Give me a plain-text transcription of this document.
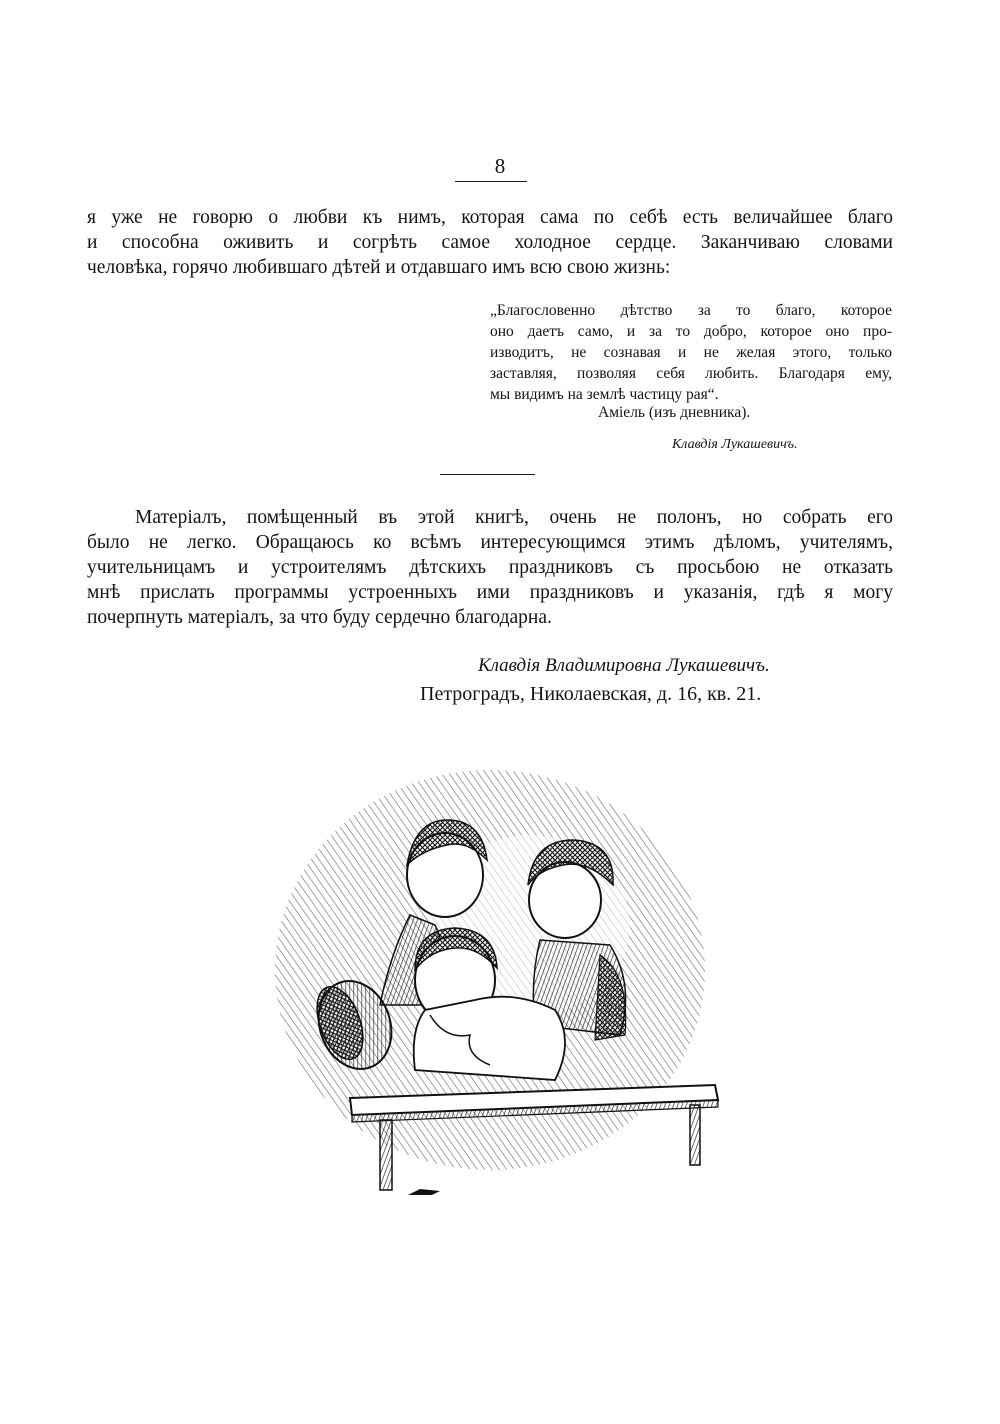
8
я уже не говорю о любви къ нимъ, которая сама по себѣ есть величайшее благо
и способна оживить и согрѣть самое холодное сердце. Заканчиваю словами
человѣка, горячо любившаго дѣтей и отдавшаго имъ всю свою жизнь:
„Благословенно дѣтство за то благо, которое
оно даетъ само, и за то добро, которое оно про-
изводитъ, не сознавая и не желая этого, только
заставляя, позволяя себя любить. Благодаря ему,
мы видимъ на землѣ частицу рая“.
Аміель (изъ дневника).
Клавдія Лукашевичъ.
Матеріалъ, помѣщенный въ этой книгѣ, очень не полонъ, но собрать его
было не легко. Обращаюсь ко всѣмъ интересующимся этимъ дѣломъ, учителямъ,
учительницамъ и устроителямъ дѣтскихъ праздниковъ съ просьбою не отказать
мнѣ прислать программы устроенныхъ ими праздниковъ и указанія, гдѣ я могу
почерпнуть матеріалъ, за что буду сердечно благодарна.
Клавдія Владимировна Лукашевичъ.
Петроградъ, Николаевская, д. 16, кв. 21.
